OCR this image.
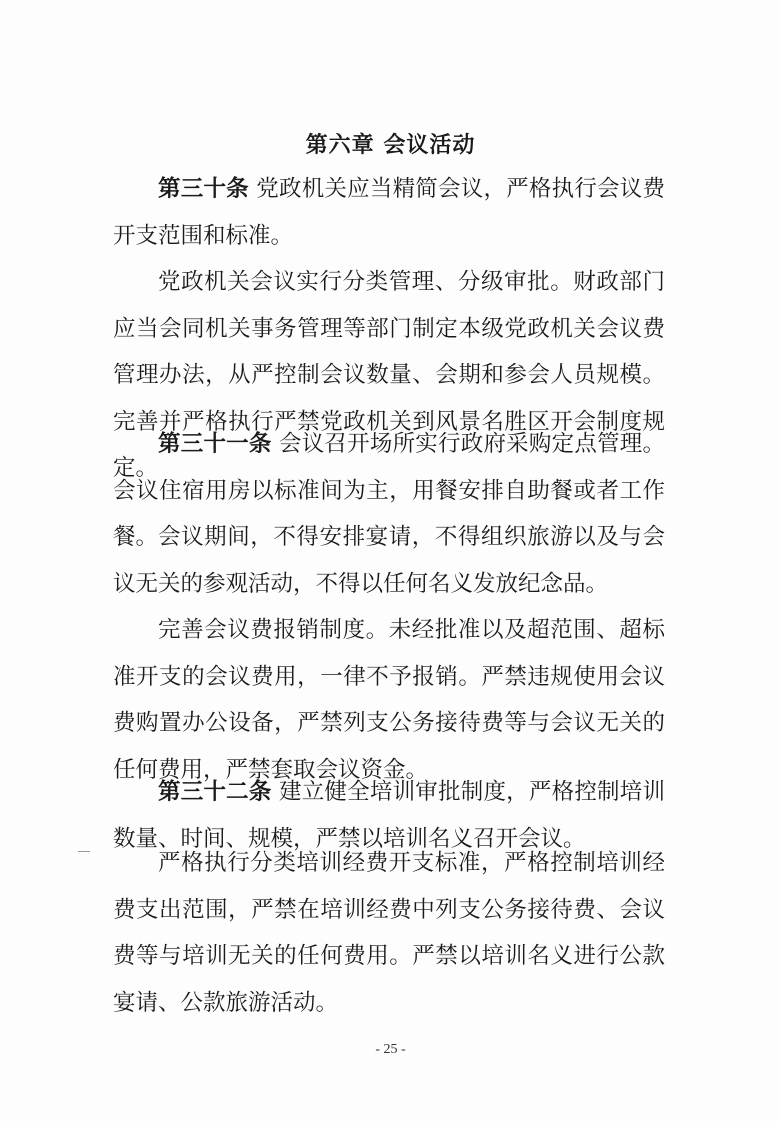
第六章 会议活动

第三十条 党政机关应当精简会议，严格执行会议费开支范围和标准。

党政机关会议实行分类管理、分级审批。财政部门应当会同机关事务管理等部门制定本级党政机关会议费管理办法，从严控制会议数量、会期和参会人员规模。完善并严格执行严禁党政机关到风景名胜区开会制度规定。

第三十一条 会议召开场所实行政府采购定点管理。会议住宿用房以标准间为主，用餐安排自助餐或者工作餐。 会议期间，不得安排宴请，不得组织旅游以及与会议无关的参观活动，不得以任何名义发放纪念品。

完善会议费报销制度。未经批准以及超范围、超标准开支的会议费用，一律不予报销。严禁违规使用会议费购置办公设备，严禁列支公务接待费等与会议无关的任何费用，严禁套取会议资金。

第三十二条 建立健全培训审批制度，严格控制培训数量、时间、规模，严禁以培训名义召开会议。

严格执行分类培训经费开支标准，严格控制培训经费支出范围，严禁在培训经费中列支公务接待费、会议费等与培训无关的任何费用。严禁以培训名义进行公款宴请、公款旅游活动。

- 25 -
